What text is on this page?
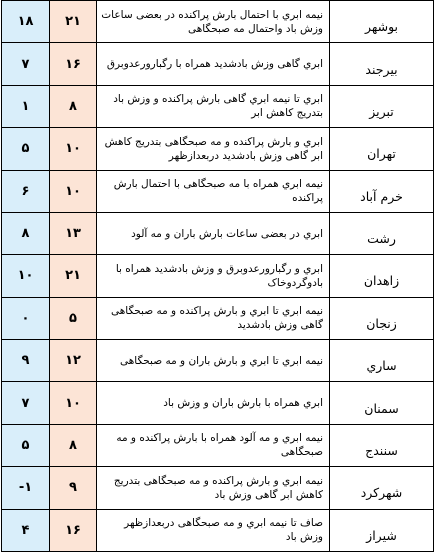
۱۸	۲۱	نیمه ابري با احتمال بارش پراکنده در بعضی ساعات وزش باد واحتمال مه صبحگاهی	بوشهر

۷	۱۶	ابري گاهی وزش بادشدید همراه با رگبارورعدوبرق	بیرجند

۱	۸	ابري تا نیمه ابري گاهی بارش پراکنده و وزش باد بتدریج کاهش ابر	تبریز

۵	۱۰	ابري و بارش پراکنده و مه صبحگاهی بتدریج کاهش ابر گاهی وزش بادشدید دربعدازظهر	تهران

۶	۱۰	نیمه ابري همراه با مه صبحگاهی با احتمال بارش پراکنده	خرم آباد

۸	۱۳	ابري در بعضی ساعات بارش باران و مه آلود	رشت

۱۰	۲۱	ابري و رگبارورعدوبرق و وزش بادشدید همراه با بادوگردوخاک	زاهدان

۰	۵	نیمه ابري تا ابري و بارش پراکنده و مه صبحگاهی گاهی وزش بادشدید	زنجان

۹	۱۲	نیمه ابري تا ابري و بارش باران و مه صبحگاهی	ساري

۷	۱۰	ابري همراه با بارش باران و وزش باد	سمنان

۵	۸	نیمه ابري و مه آلود همراه با بارش پراکنده و مه صبحگاهی	سنندج

-۱	۹	نیمه ابري و بارش پراکنده و مه صبحگاهی بتدریج کاهش ابر گاهی وزش باد	شهرکرد

۴	۱۶	صاف تا نیمه ابري و مه صبحگاهی دربعدازظهر وزش باد	شیراز
